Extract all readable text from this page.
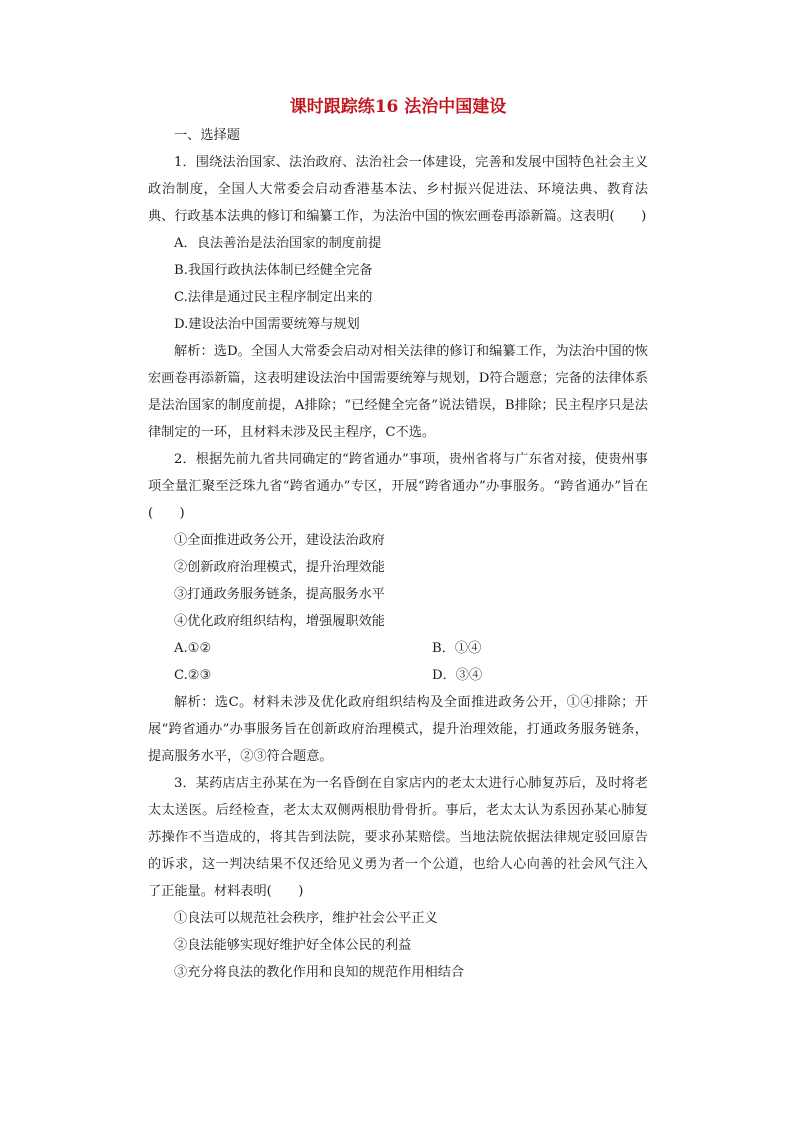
课时跟踪练16 法治中国建设

一、选择题

1．围绕法治国家、法治政府、法治社会一体建设，完善和发展中国特色社会主义政治制度，全国人大常委会启动香港基本法、乡村振兴促进法、环境法典、教育法典、行政基本法典的修订和编纂工作，为法治中国的恢宏画卷再添新篇。这表明(　　)

A．良法善治是法治国家的制度前提

B.我国行政执法体制已经健全完备

C.法律是通过民主程序制定出来的

D.建设法治中国需要统筹与规划

解析：选D。全国人大常委会启动对相关法律的修订和编纂工作，为法治中国的恢宏画卷再添新篇，这表明建设法治中国需要统筹与规划，D符合题意；完备的法律体系是法治国家的制度前提，A排除；“已经健全完备”说法错误，B排除；民主程序只是法律制定的一环，且材料未涉及民主程序，C不选。

2．根据先前九省共同确定的“跨省通办”事项，贵州省将与广东省对接，使贵州事项全量汇聚至泛珠九省“跨省通办”专区，开展“跨省通办”办事服务。“跨省通办”旨在(　　)

①全面推进政务公开，建设法治政府

②创新政府治理模式，提升治理效能

③打通政务服务链条，提高服务水平

④优化政府组织结构，增强履职效能

A.①②	B．①④
C.②③	D．③④

解析：选C。材料未涉及优化政府组织结构及全面推进政务公开，①④排除；开展“跨省通办”办事服务旨在创新政府治理模式，提升治理效能，打通政务服务链条，提高服务水平，②③符合题意。

3．某药店店主孙某在为一名昏倒在自家店内的老太太进行心肺复苏后，及时将老太太送医。后经检查，老太太双侧两根肋骨骨折。事后，老太太认为系因孙某心肺复苏操作不当造成的，将其告到法院，要求孙某赔偿。当地法院依据法律规定驳回原告的诉求，这一判决结果不仅还给见义勇为者一个公道，也给人心向善的社会风气注入了正能量。材料表明(　　)

①良法可以规范社会秩序，维护社会公平正义

②良法能够实现好维护好全体公民的利益

③充分将良法的教化作用和良知的规范作用相结合
